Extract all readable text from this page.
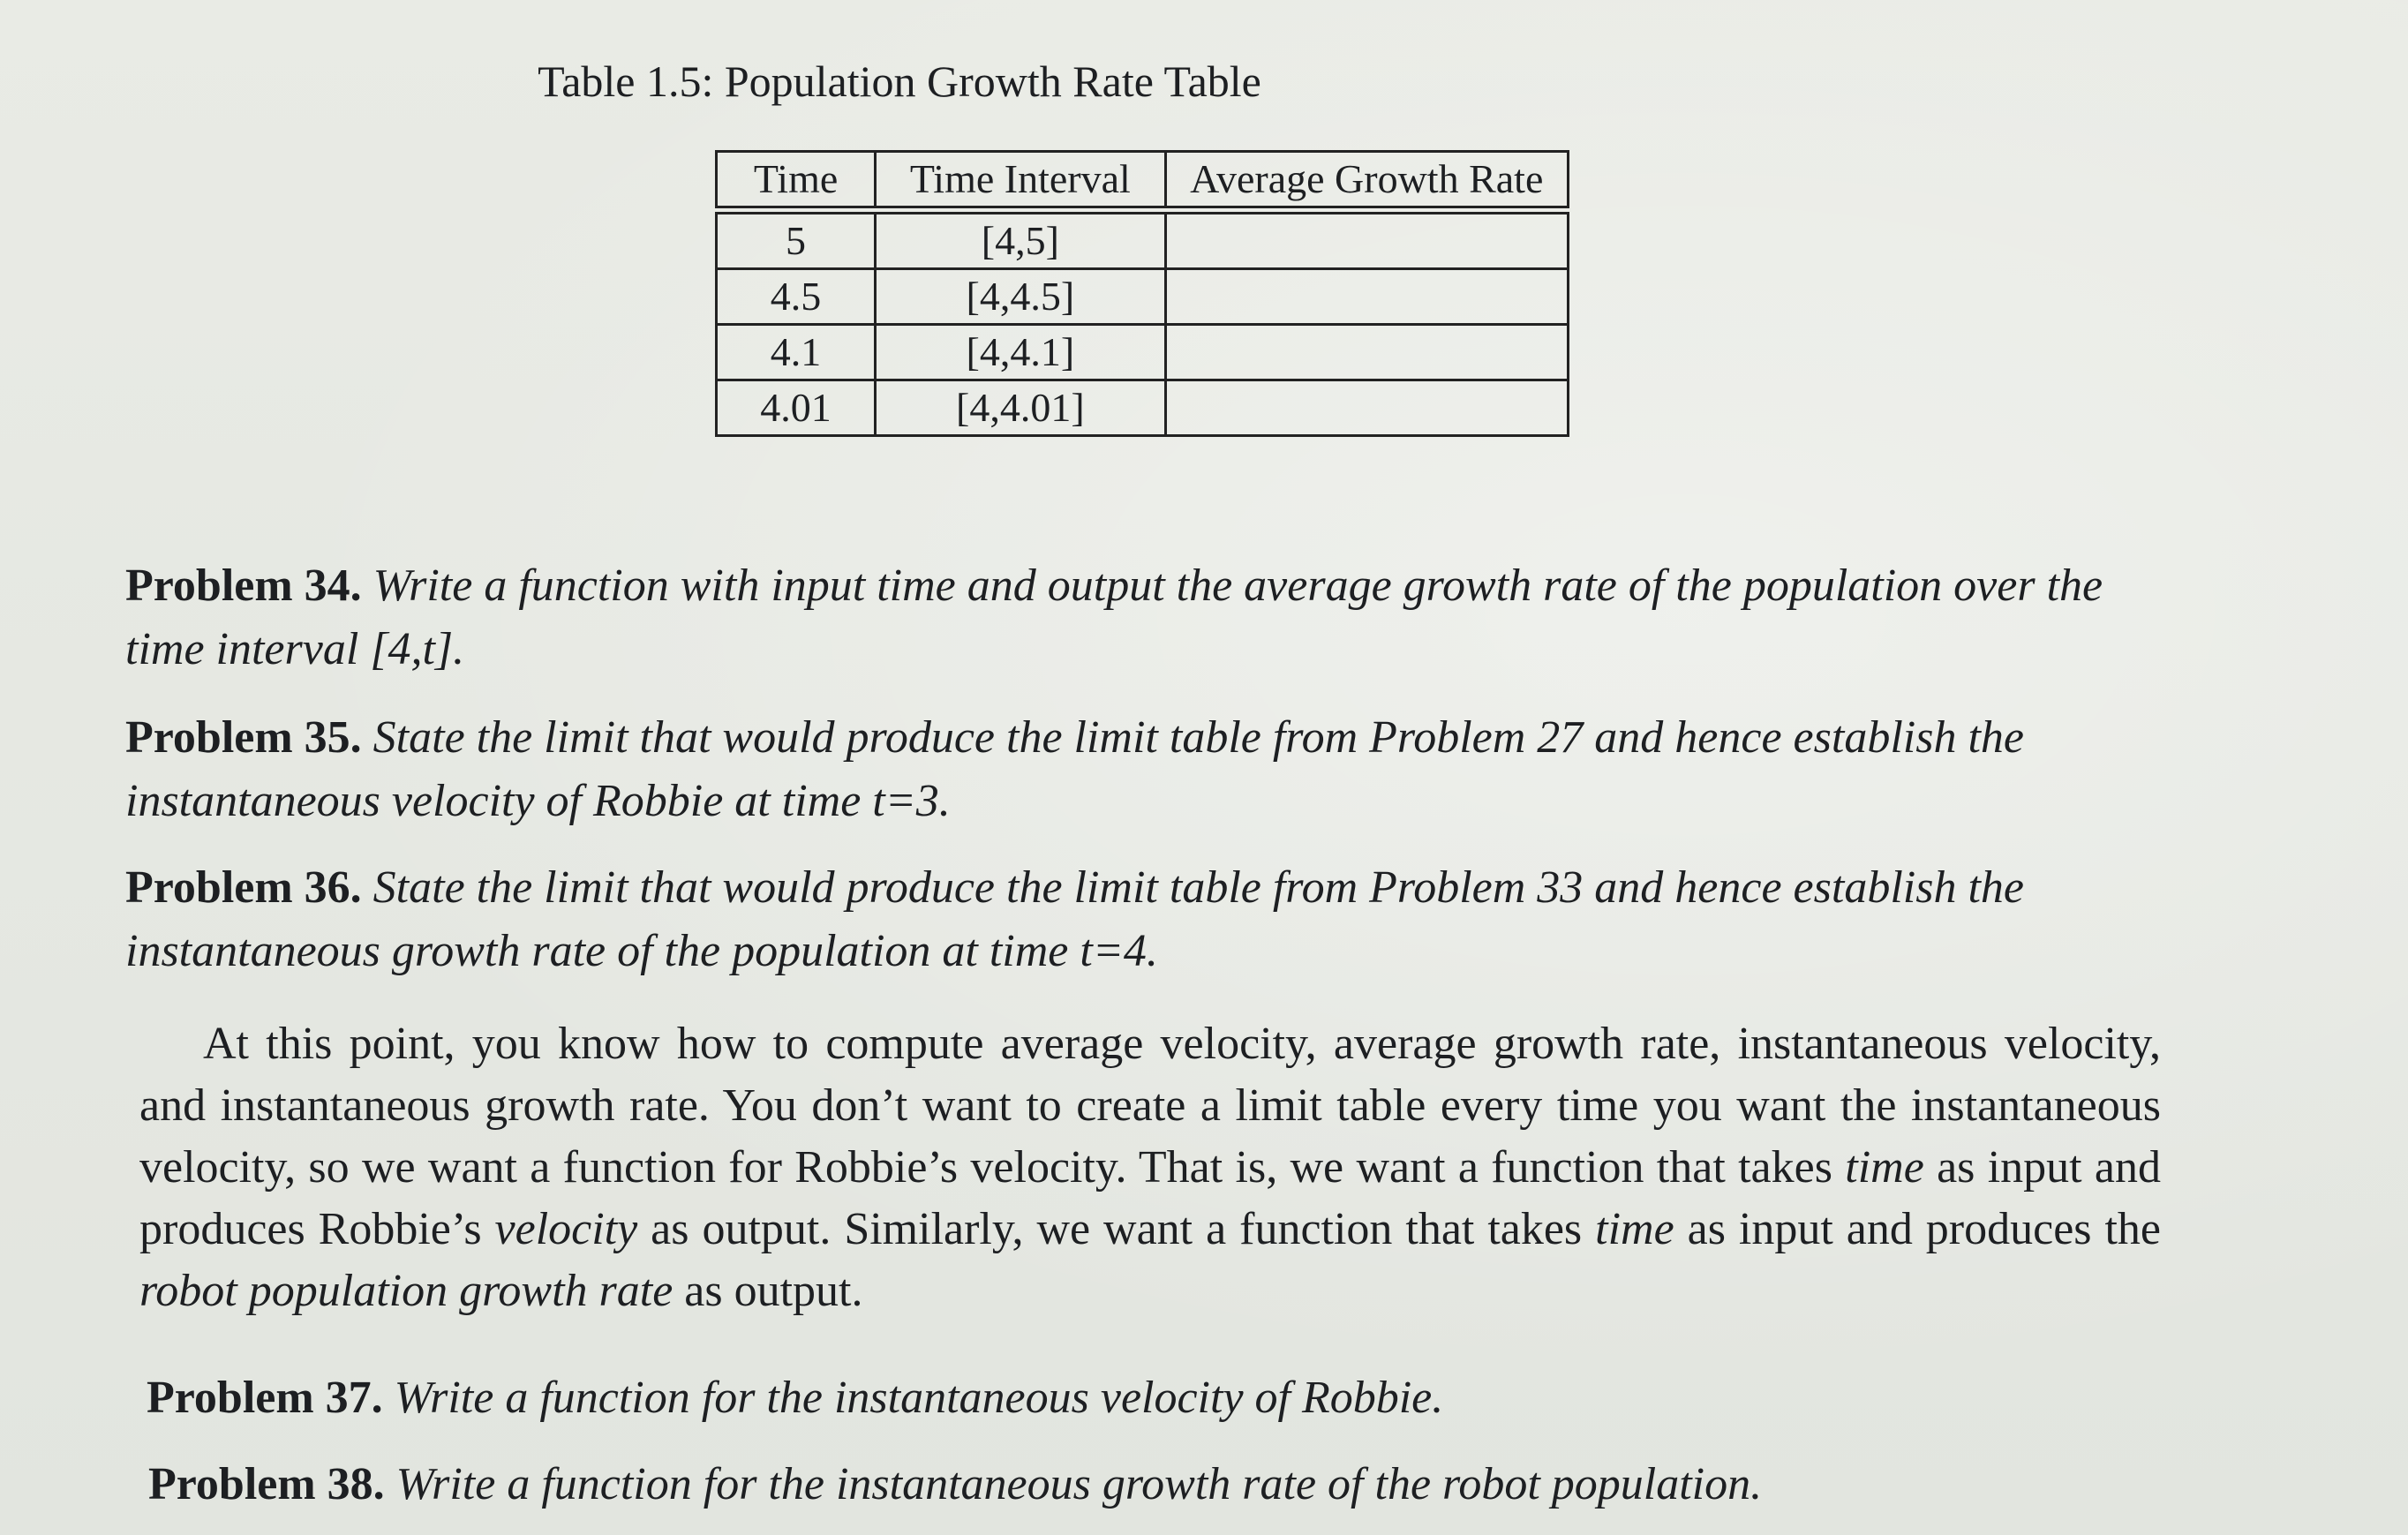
Table 1.5: Population Growth Rate Table
Time	Time Interval	Average Growth Rate
5	[4,5]	
4.5	[4,4.5]	
4.1	[4,4.1]	
4.01	[4,4.01]	
Problem 34. Write a function with input time and output the average growth rate of the population over the time interval [4,t].
Problem 35. State the limit that would produce the limit table from Problem 27 and hence establish the instantaneous velocity of Robbie at time t=3.
Problem 36. State the limit that would produce the limit table from Problem 33 and hence establish the instantaneous growth rate of the population at time t=4.
At this point, you know how to compute average velocity, average growth rate, instantaneous velocity, and instantaneous growth rate. You don’t want to create a limit table every time you want the instantaneous velocity, so we want a function for Robbie’s velocity. That is, we want a function that takes time as input and produces Robbie’s velocity as output. Similarly, we want a function that takes time as input and produces the robot population growth rate as output.
Problem 37. Write a function for the instantaneous velocity of Robbie.
Problem 38. Write a function for the instantaneous growth rate of the robot population.
